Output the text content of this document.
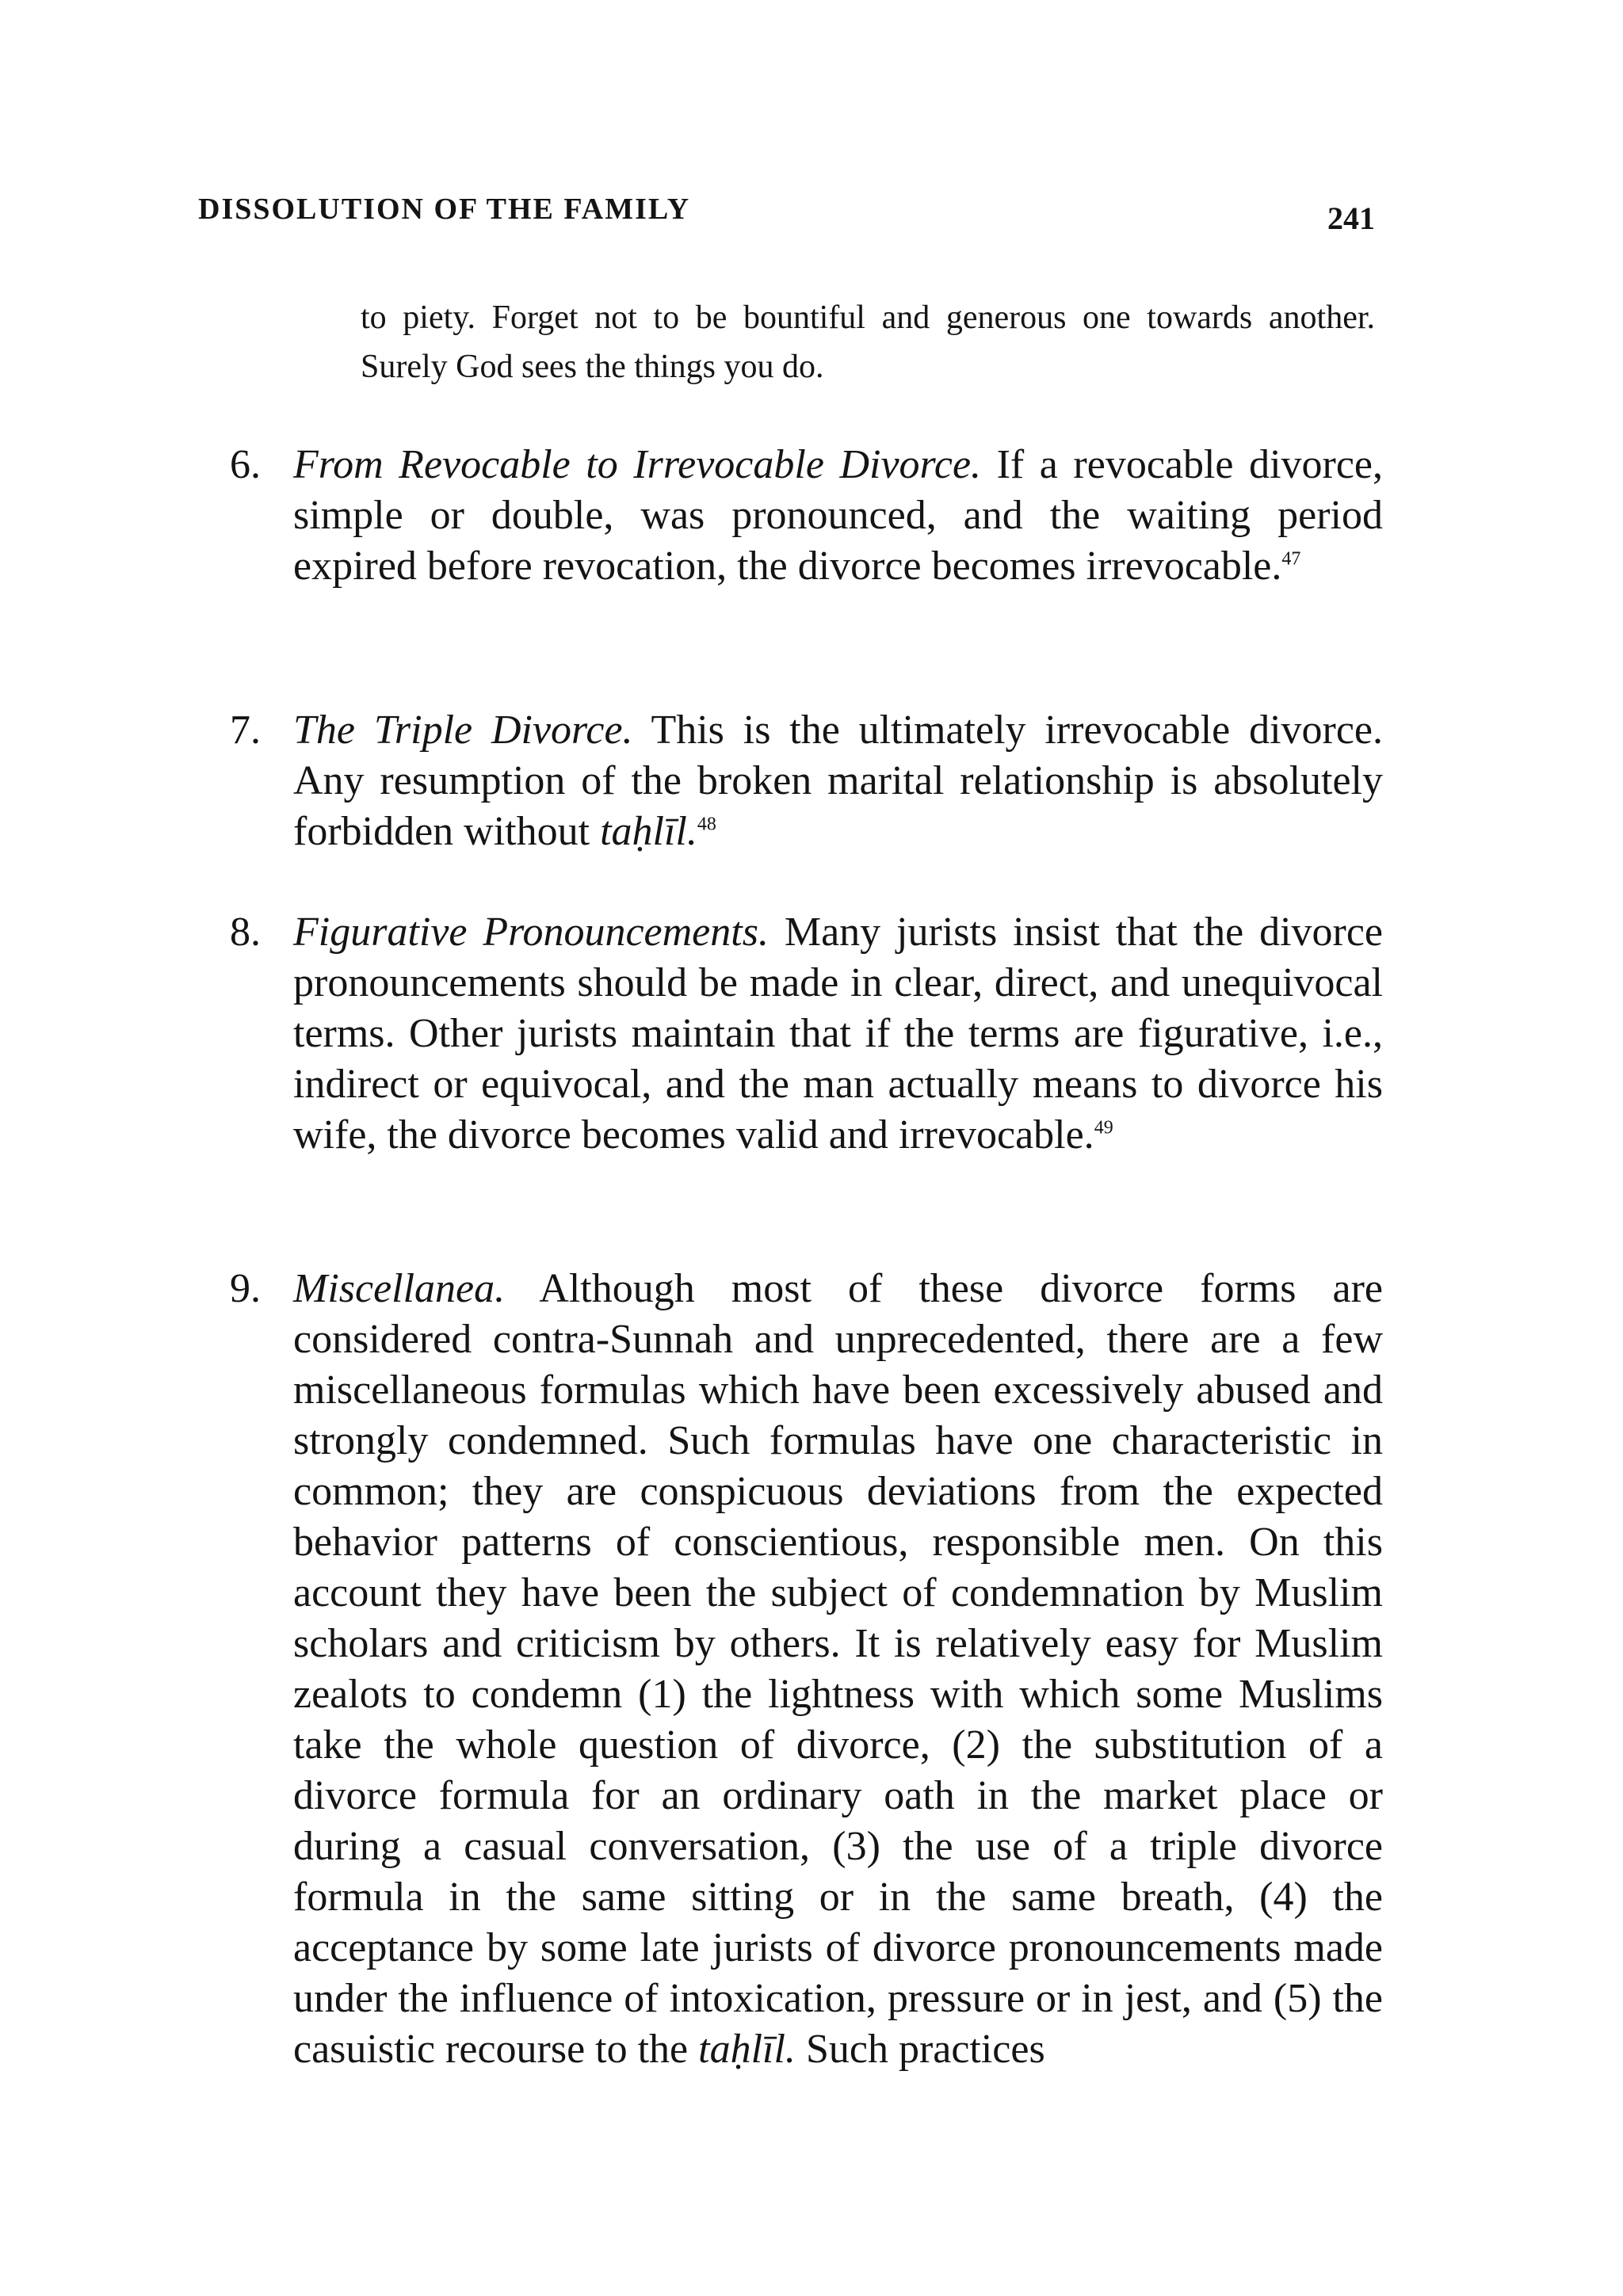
DISSOLUTION OF THE FAMILY	241
to piety. Forget not to be bountiful and generous one towards another. Surely God sees the things you do.
6. From Revocable to Irrevocable Divorce. If a revocable divorce, simple or double, was pronounced, and the waiting period expired before revocation, the divorce becomes irrevocable.$^{47}$
7. The Triple Divorce. This is the ultimately irrevocable divorce. Any resumption of the broken marital relationship is absolutely forbidden without taḥlīl.$^{48}$
8. Figurative Pronouncements. Many jurists insist that the divorce pronouncements should be made in clear, direct, and unequivocal terms. Other jurists maintain that if the terms are figurative, i.e., indirect or equivocal, and the man actually means to divorce his wife, the divorce becomes valid and irrevocable.$^{49}$
9. Miscellanea. Although most of these divorce forms are considered contra-Sunnah and unprecedented, there are a few miscellaneous formulas which have been excessively abused and strongly condemned. Such formulas have one characteristic in common; they are conspicuous deviations from the expected behavior patterns of conscientious, responsible men. On this account they have been the subject of condemnation by Muslim scholars and criticism by others. It is relatively easy for Muslim zealots to condemn (1) the lightness with which some Muslims take the whole question of divorce, (2) the substitution of a divorce formula for an ordinary oath in the market place or during a casual conversation, (3) the use of a triple divorce formula in the same sitting or in the same breath, (4) the acceptance by some late jurists of divorce pronouncements made under the influence of intoxication, pressure or in jest, and (5) the casuistic recourse to the taḥlīl. Such practices
